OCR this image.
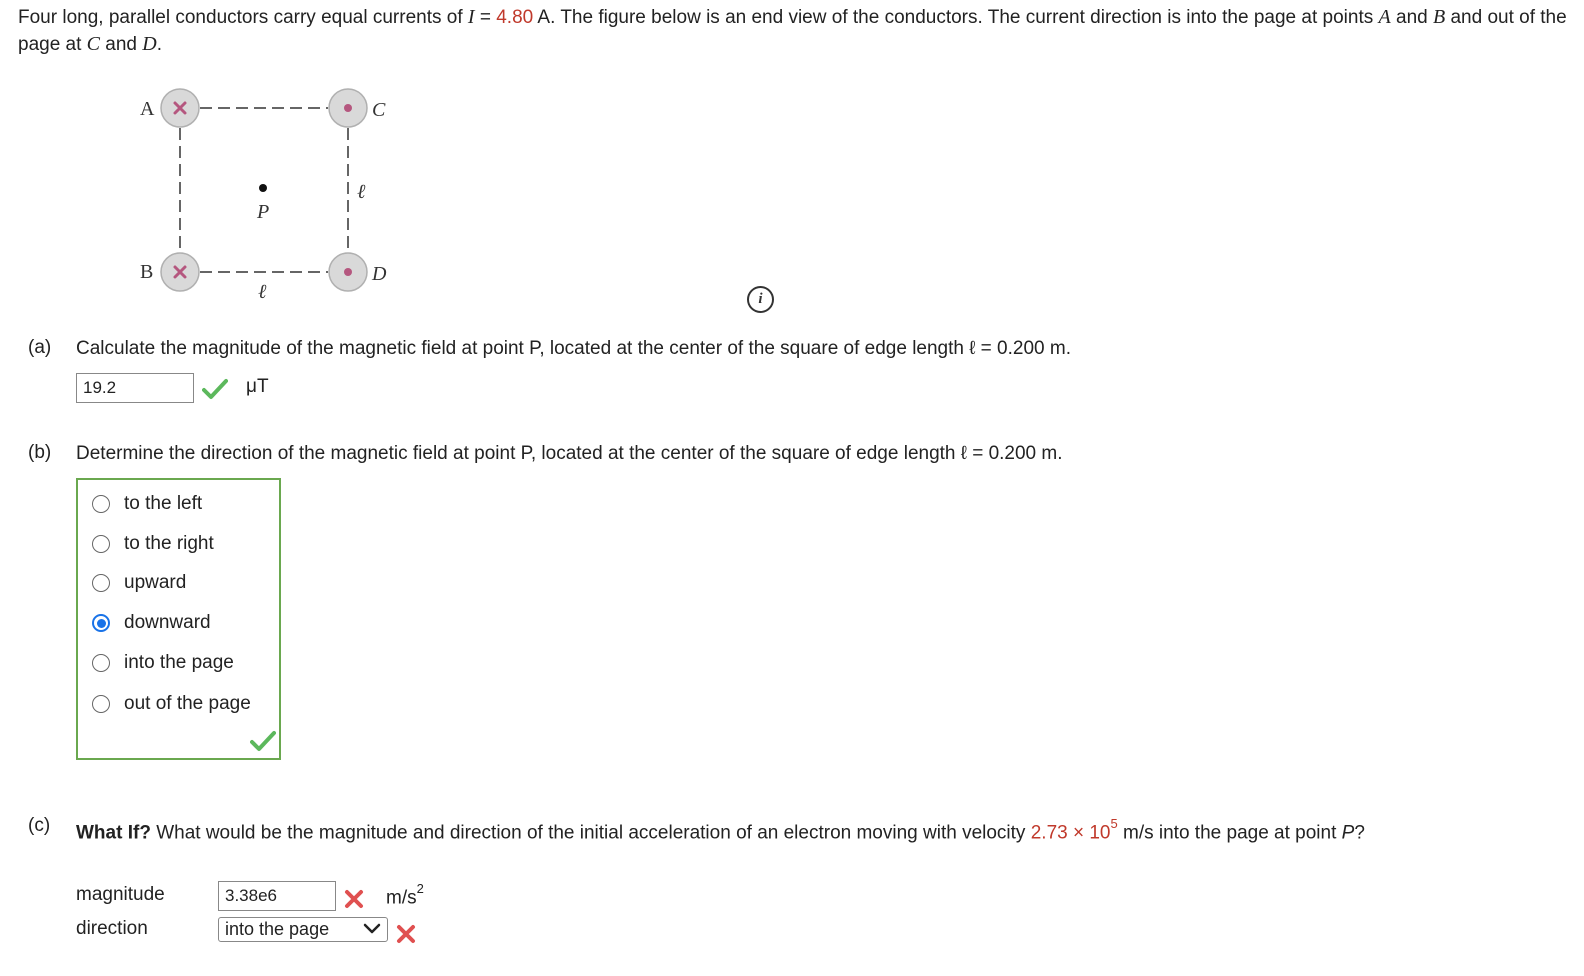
Four long, parallel conductors carry equal currents of I = 4.80 A. The figure below is an end view of the conductors. The current direction is into the page at points A and B and out of the page at C and D.
P
A
B
C
D
ℓ
ℓ	i
(a) Calculate the magnitude of the magnetic field at point P, located at the center of the square of edge length ℓ = 0.200 m.
19.2	μT
(b) Determine the direction of the magnetic field at point P, located at the center of the square of edge length ℓ = 0.200 m.
to the left
to the right
upward
downward
into the page
out of the page
(c) What If? What would be the magnitude and direction of the initial acceleration of an electron moving with velocity $2.73 \times 10^5$ m/s into the page at point P?
magnitude	3.38e6	$m/s^2$
direction	into the page
